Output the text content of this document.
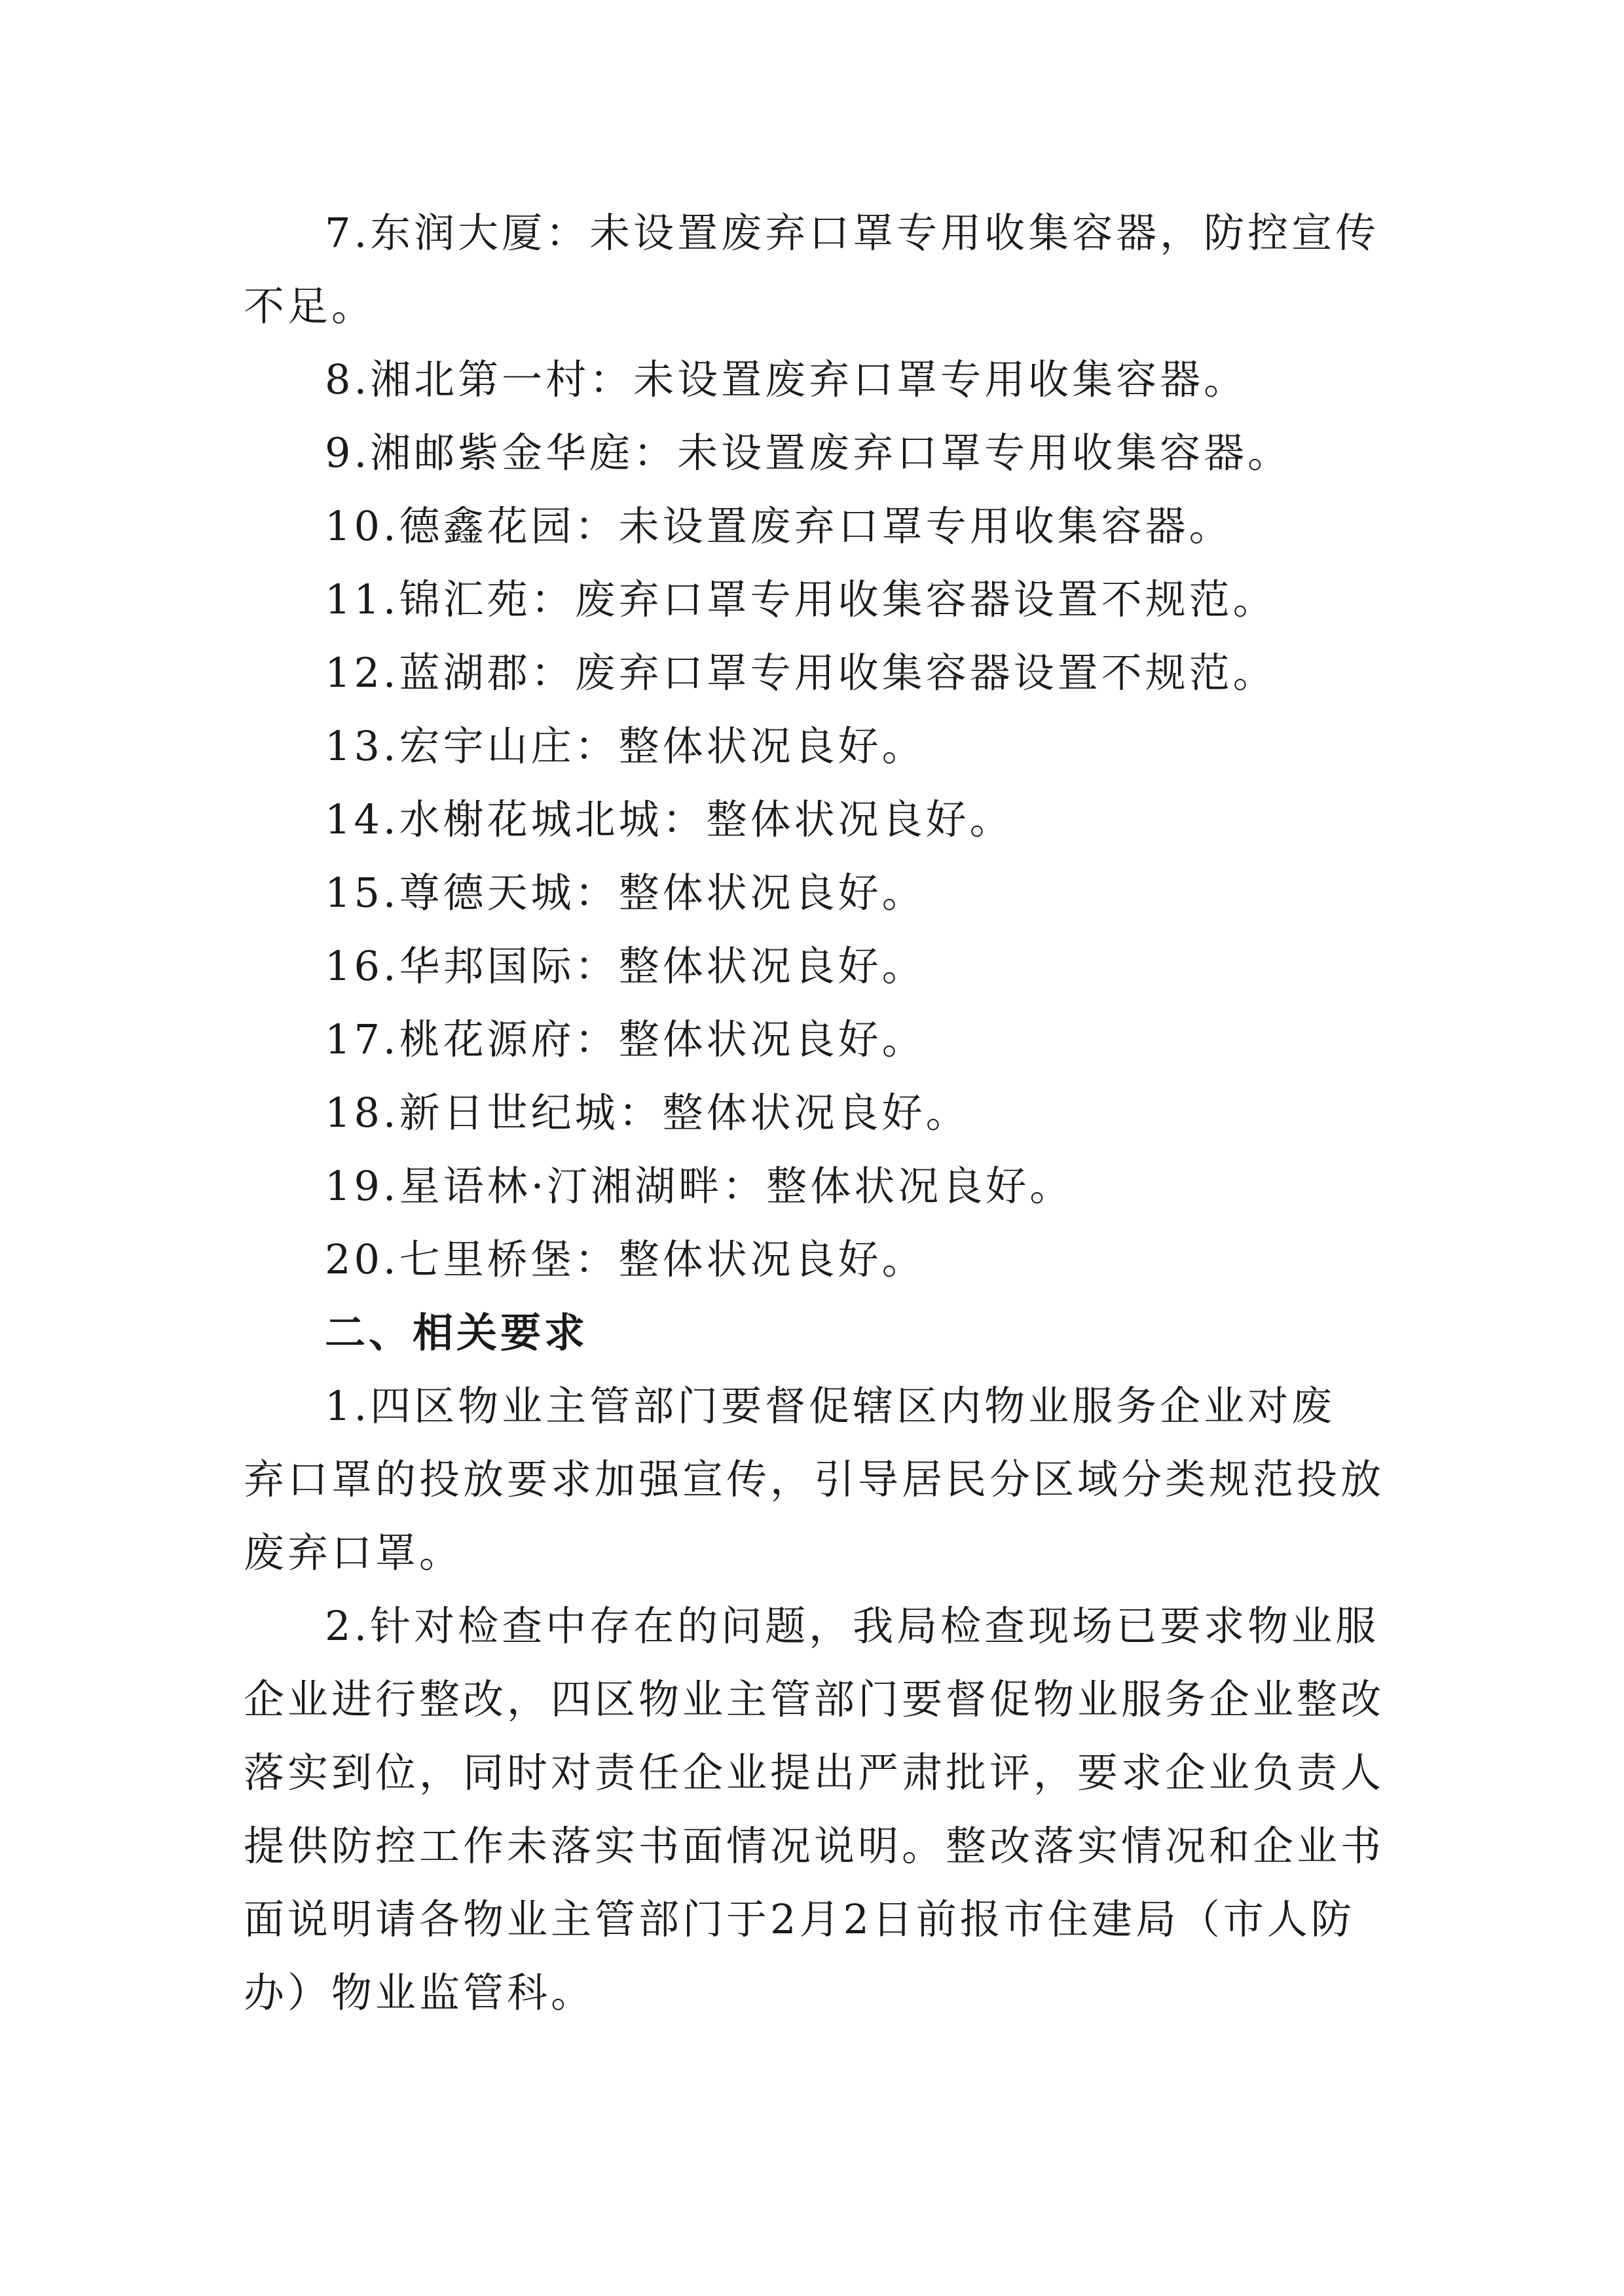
7.东润大厦：未设置废弃口罩专用收集容器，防控宣传

不足。

8.湘北第一村：未设置废弃口罩专用收集容器。

9.湘邮紫金华庭：未设置废弃口罩专用收集容器。

10.德鑫花园：未设置废弃口罩专用收集容器。

11.锦汇苑：废弃口罩专用收集容器设置不规范。

12.蓝湖郡：废弃口罩专用收集容器设置不规范。

13.宏宇山庄：整体状况良好。

14.水榭花城北城：整体状况良好。

15.尊德天城：整体状况良好。

16.华邦国际：整体状况良好。

17.桃花源府：整体状况良好。

18.新日世纪城：整体状况良好。

19.星语林·汀湘湖畔：整体状况良好。

20.七里桥堡：整体状况良好。

二、相关要求

1.四区物业主管部门要督促辖区内物业服务企业对废

弃口罩的投放要求加强宣传，引导居民分区域分类规范投放

废弃口罩。

2.针对检查中存在的问题，我局检查现场已要求物业服

企业进行整改，四区物业主管部门要督促物业服务企业整改

落实到位，同时对责任企业提出严肃批评，要求企业负责人

提供防控工作未落实书面情况说明。整改落实情况和企业书

面说明请各物业主管部门于2月2日前报市住建局（市人防

办）物业监管科。
